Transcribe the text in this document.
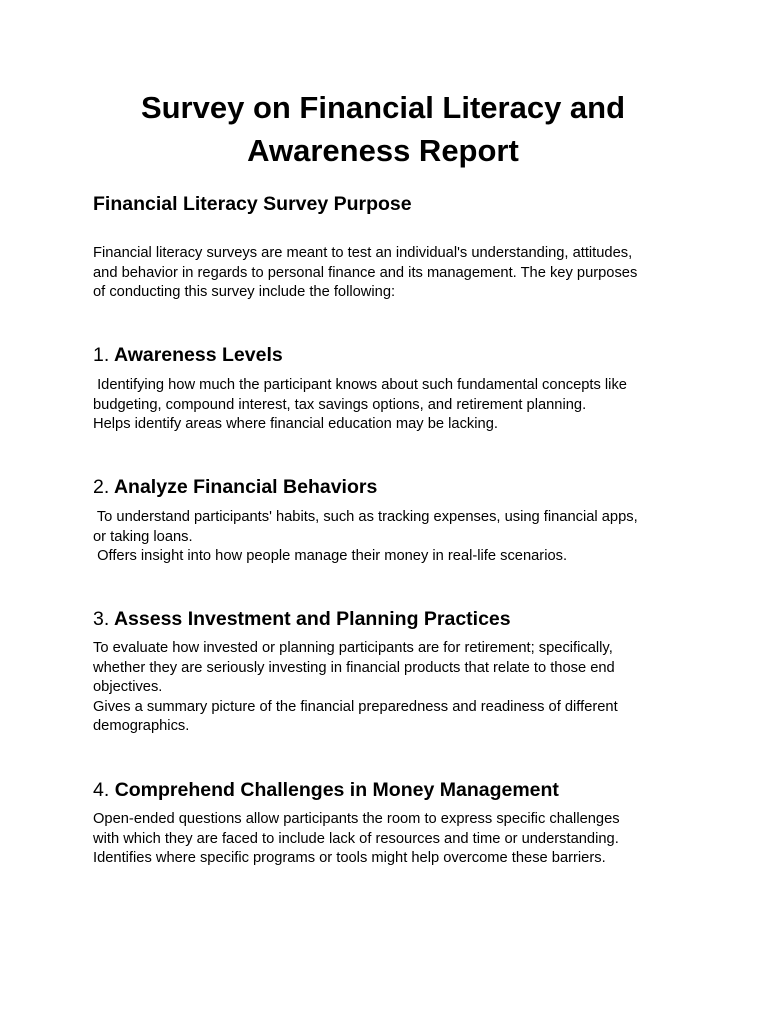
Survey on Financial Literacy and
Awareness Report
Financial Literacy Survey Purpose

Financial literacy surveys are meant to test an individual's understanding, attitudes,
and behavior in regards to personal finance and its management. The key purposes
of conducting this survey include the following:

1. Awareness Levels

Identifying how much the participant knows about such fundamental concepts like
budgeting, compound interest, tax savings options, and retirement planning.
Helps identify areas where financial education may be lacking.

2. Analyze Financial Behaviors

To understand participants' habits, such as tracking expenses, using financial apps,
or taking loans.
Offers insight into how people manage their money in real-life scenarios.

3. Assess Investment and Planning Practices

To evaluate how invested or planning participants are for retirement; specifically,
whether they are seriously investing in financial products that relate to those end
objectives.
Gives a summary picture of the financial preparedness and readiness of different
demographics.

4. Comprehend Challenges in Money Management

Open-ended questions allow participants the room to express specific challenges
with which they are faced to include lack of resources and time or understanding.
Identifies where specific programs or tools might help overcome these barriers.
